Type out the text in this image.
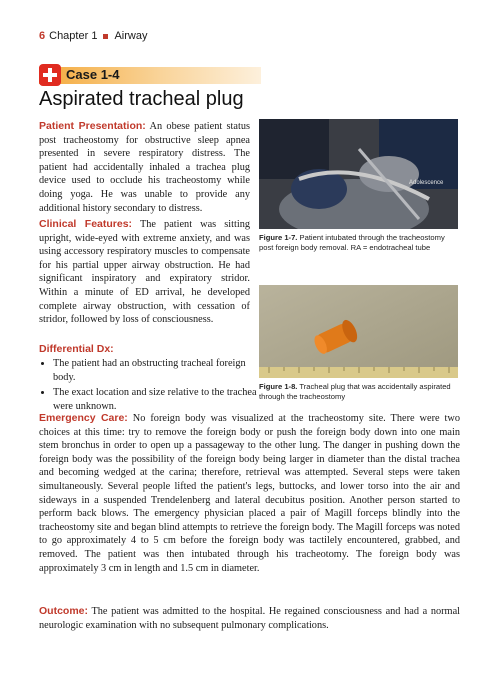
6 Chapter 1 Airway
Case 1-4
Aspirated tracheal plug
Patient Presentation: An obese patient status post tracheostomy for obstructive sleep apnea presented in severe respiratory distress. The patient had accidentally inhaled a trachea plug device used to occlude his tracheostomy while doing yoga. He was unable to provide any additional history secondary to distress.
Clinical Features: The patient was sitting upright, wide-eyed with extreme anxiety, and was using accessory respiratory muscles to compensate for his partial upper airway obstruction. He had significant inspiratory and expiratory stridor. Within a minute of ED arrival, he developed complete airway obstruction, with cessation of stridor, followed by loss of consciousness.
Differential Dx:
• The patient had an obstructing tracheal foreign body.
• The exact location and size relative to the trachea were unknown.
Adolescence
Figure 1-7. Patient intubated through the tracheostomy post foreign body removal. RA = endotracheal tube
Figure 1-8. Tracheal plug that was accidentally aspirated through the tracheostomy
Emergency Care: No foreign body was visualized at the tracheostomy site. There were two choices at this time: try to remove the foreign body or push the foreign body down into one main stem bronchus in order to open up a passageway to the other lung. The danger in pushing down the foreign body was the possibility of the foreign body being larger in diameter than the distal trachea and becoming wedged at the carina; therefore, retrieval was attempted. Several steps were taken simultaneously. Several people lifted the patient's legs, buttocks, and lower torso into the air and sideways in a suspended Trendelenberg and lateral decubitus position. Another person started to perform back blows. The emergency physician placed a pair of Magill forceps blindly into the tracheostomy site and began blind attempts to retrieve the foreign body. The Magill forceps was noted to go approximately 4 to 5 cm before the foreign body was tactilely encountered, grabbed, and removed. The patient was then intubated through his tracheotomy. The foreign body was approximately 3 cm in length and 1.5 cm in diameter.
Outcome: The patient was admitted to the hospital. He regained consciousness and had a normal neurologic examination with no subsequent pulmonary complications.
